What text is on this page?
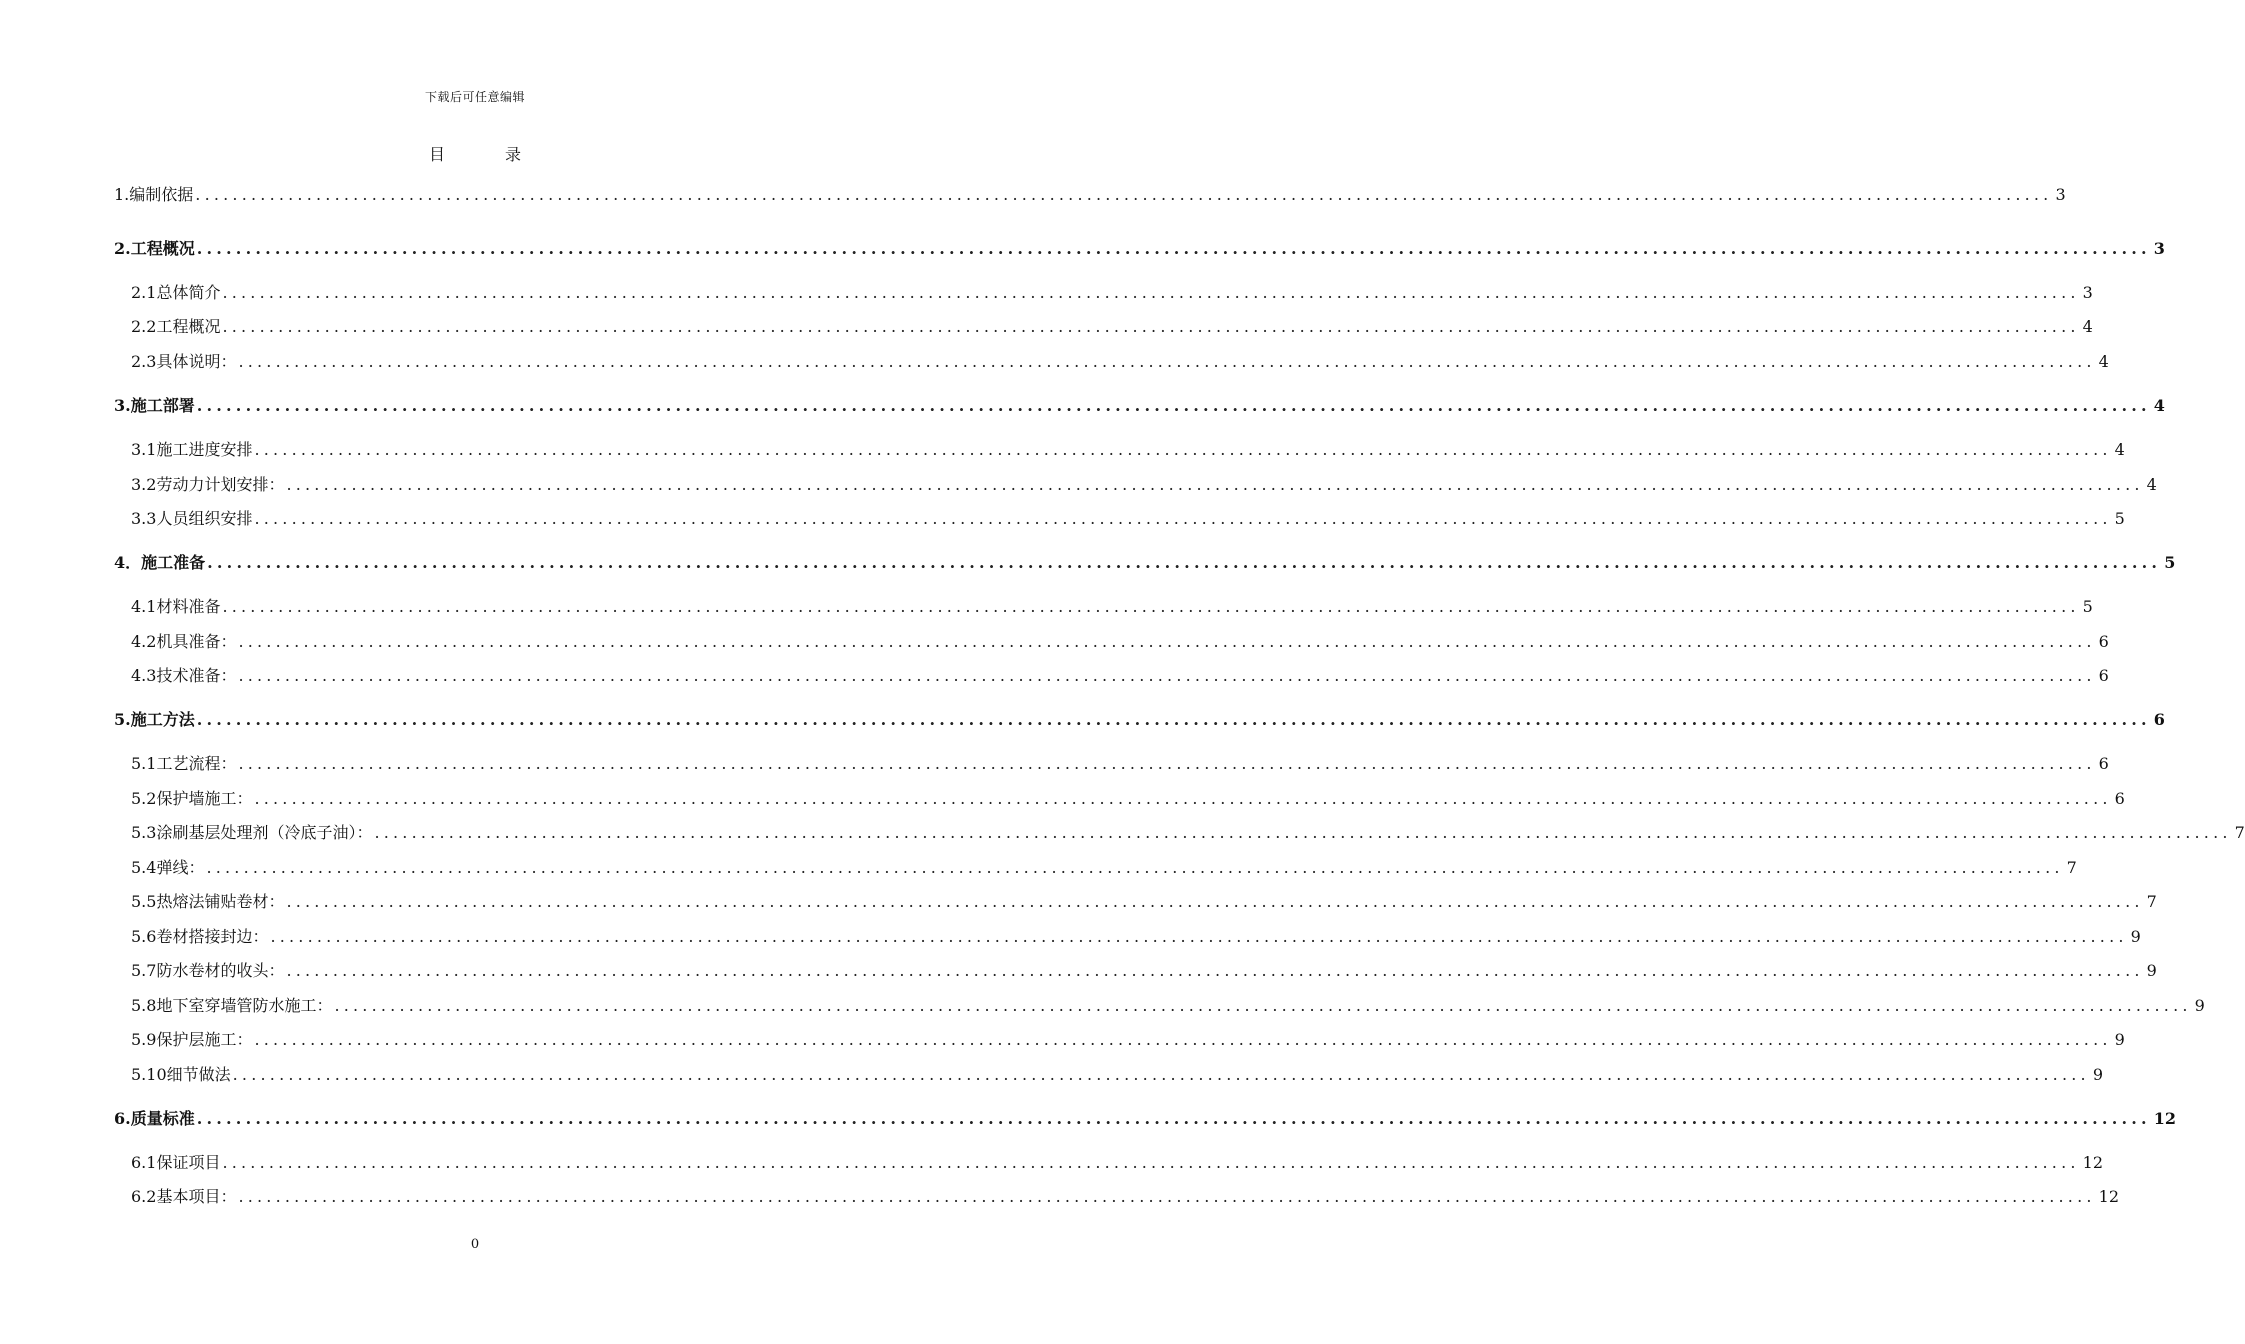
下载后可任意编辑
目	录
1.编制依据 ........................................................................................................................................................................................................ 3
2.工程概况 ........................................................................................................................................................................................................ 3
2.1总体简介 ........................................................................................................................................................................................................ 3
2.2工程概况 ........................................................................................................................................................................................................ 4
2.3具体说明： ........................................................................................................................................................................................................ 4
3.施工部署 ........................................................................................................................................................................................................ 4
3.1施工进度安排 ........................................................................................................................................................................................................ 4
3.2劳动力计划安排： ........................................................................................................................................................................................................ 4
3.3人员组织安排 ........................................................................................................................................................................................................ 5
4．施工准备 ........................................................................................................................................................................................................ 5
4.1材料准备 ........................................................................................................................................................................................................ 5
4.2机具准备： ........................................................................................................................................................................................................ 6
4.3技术准备： ........................................................................................................................................................................................................ 6
5.施工方法 ........................................................................................................................................................................................................ 6
5.1工艺流程： ........................................................................................................................................................................................................ 6
5.2保护墙施工： ........................................................................................................................................................................................................ 6
5.3涂刷基层处理剂（冷底子油）： ........................................................................................................................................................................................................ 7
5.4弹线： ........................................................................................................................................................................................................ 7
5.5热熔法铺贴卷材： ........................................................................................................................................................................................................ 7
5.6卷材搭接封边： ........................................................................................................................................................................................................ 9
5.7防水卷材的收头： ........................................................................................................................................................................................................ 9
5.8地下室穿墙管防水施工： ........................................................................................................................................................................................................ 9
5.9保护层施工： ........................................................................................................................................................................................................ 9
5.10细节做法 ........................................................................................................................................................................................................ 9
6.质量标准 ........................................................................................................................................................................................................ 12
6.1保证项目 ........................................................................................................................................................................................................ 12
6.2基本项目： ........................................................................................................................................................................................................ 12
0
